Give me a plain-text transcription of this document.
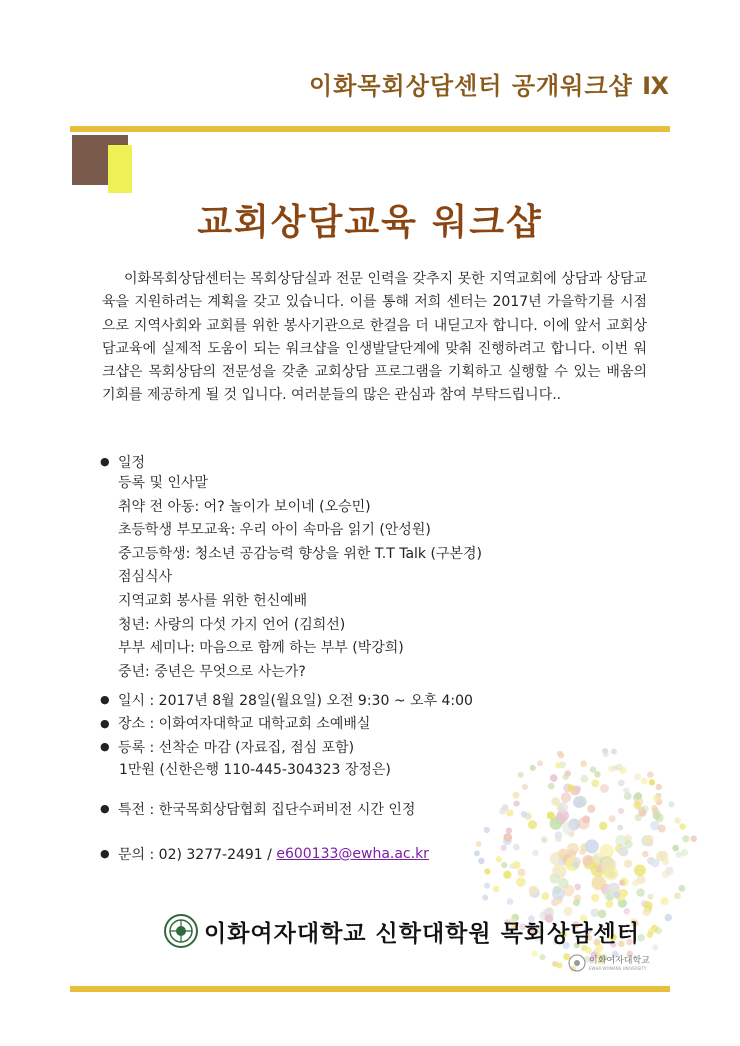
이화목회상담센터 공개워크샵 Ⅸ
교회상담교육 워크샵

이화목회상담센터는 목회상담실과 전문 인력을 갖추지 못한 지역교회에 상담과 상담교육을 지원하려는 계획을 갖고 있습니다. 이를 통해 저희 센터는 2017년 가을학기를 시점으로 지역사회와 교회를 위한 봉사기관으로 한걸음 더 내딛고자 합니다. 이에 앞서 교회상담교육에 실제적 도움이 되는 워크샵을 인생발달단계에 맞춰 진행하려고 합니다. 이번 워크샵은 목회상담의 전문성을 갖춘 교회상담 프로그램을 기획하고 실행할 수 있는 배움의 기회를 제공하게 될 것 입니다. 여러분들의 많은 관심과 참여 부탁드립니다..

● 일정
등록 및 인사말
취약 전 아동: 어? 놀이가 보이네 (오승민)
초등학생 부모교육: 우리 아이 속마음 읽기 (안성원)
중고등학생: 청소년 공감능력 향상을 위한 T.T Talk (구본경)
점심식사
지역교회 봉사를 위한 헌신예배
청년: 사랑의 다섯 가지 언어 (김희선)
부부 세미나: 마음으로 함께 하는 부부 (박강희)
중년: 중년은 무엇으로 사는가?
● 일시 : 2017년 8월 28일(월요일) 오전 9:30 ~ 오후 4:00
● 장소 : 이화여자대학교 대학교회 소예배실
● 등록 : 선착순 마감 (자료집, 점심 포함)
1만원 (신한은행 110-445-304323 장정은)
● 특전 : 한국목회상담협회 집단수퍼비전 시간 인정
● 문의 : 02) 3277-2491 / e600133@ewha.ac.kr
이화여자대학교 신학대학원 목회상담센터
이화여자대학교
EWHA WOMANS UNIVERSITY
